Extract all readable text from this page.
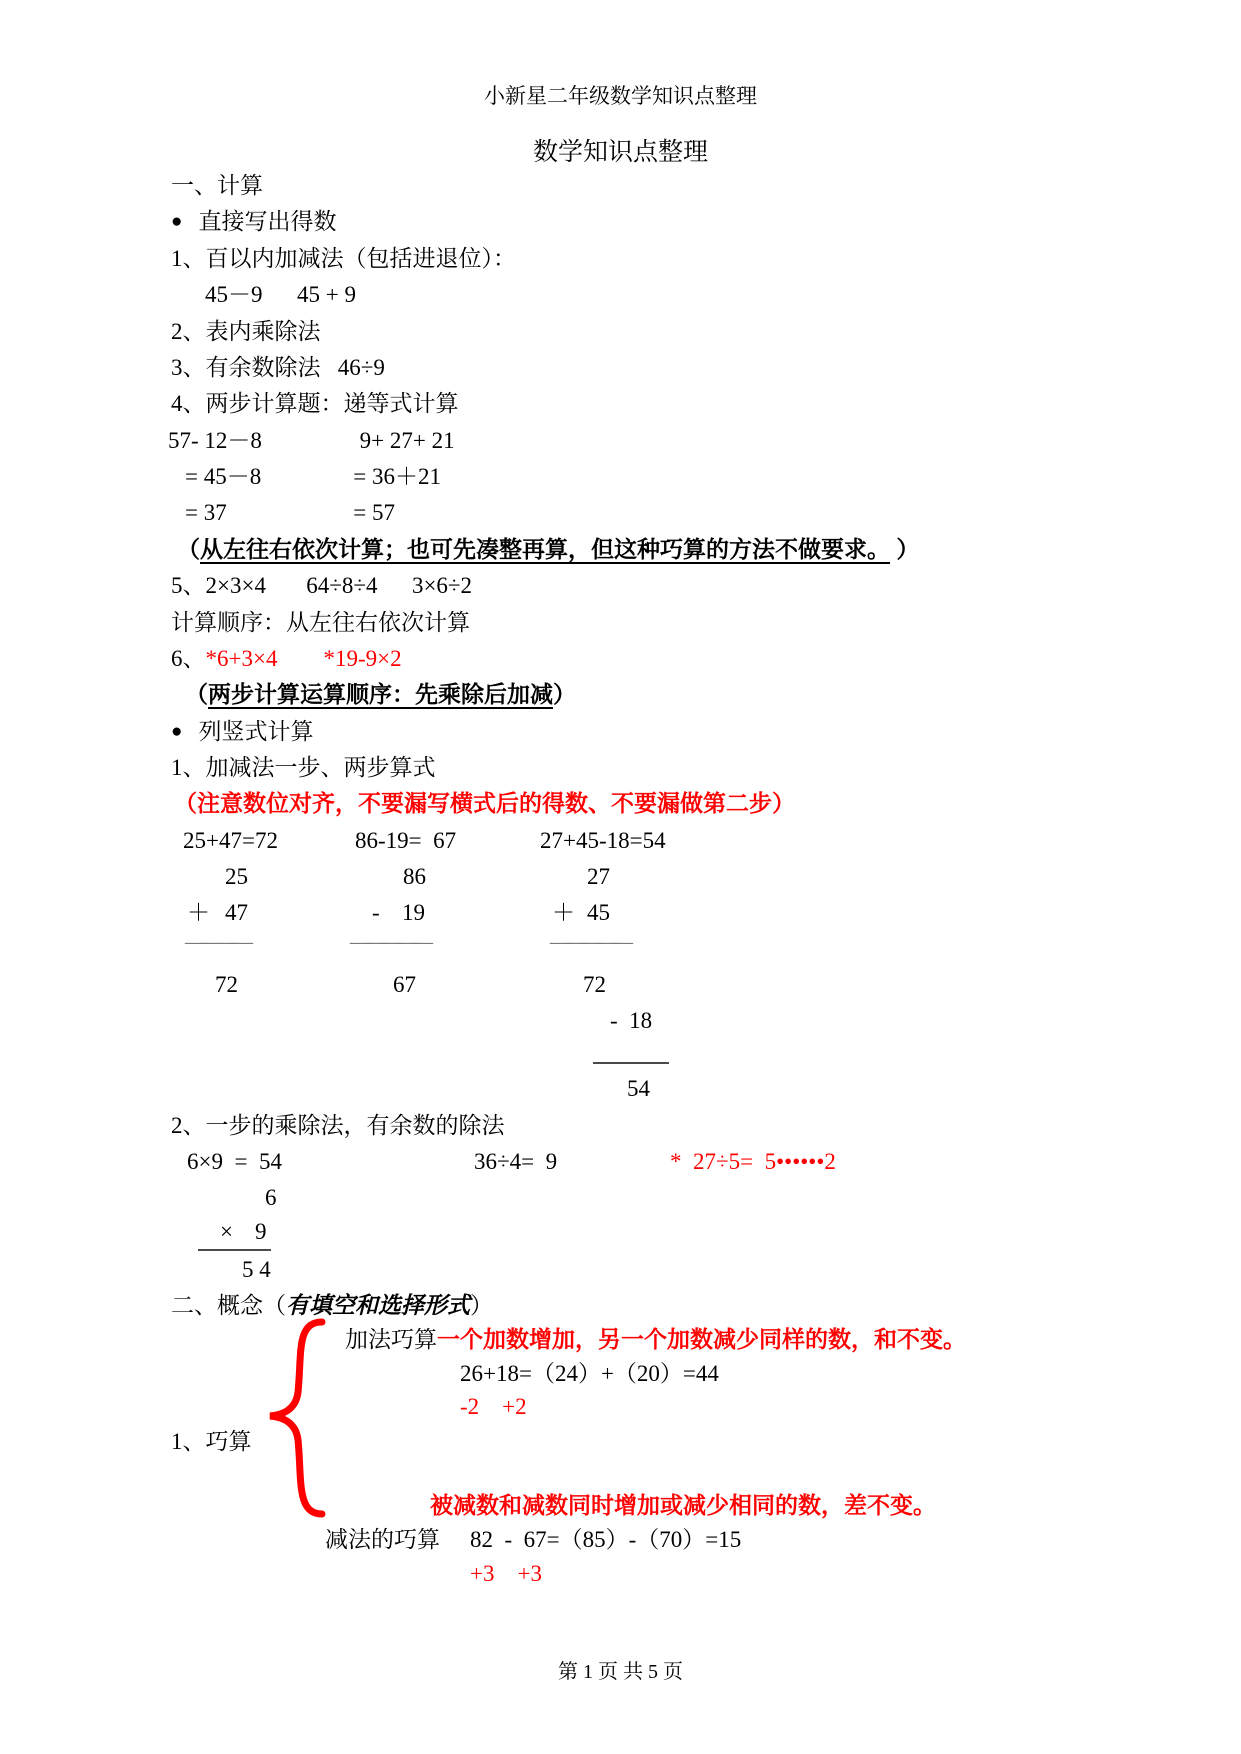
小新星二年级数学知识点整理
数学知识点整理
一、计算
● 直接写出得数
1、百以内加减法（包括进退位）：
45－9      45 + 9
2、表内乘除法
3、有余数除法   46÷9
4、两步计算题：递等式计算
57- 12－8                 9+ 27+ 21
= 45－8                = 36＋21
= 37                      = 57
（从左往右依次计算；也可先凑整再算，但这种巧算的方法不做要求。 ）
5、2×3×4       64÷8÷4      3×6÷2
计算顺序：从左往右依次计算
6、*6+3×4        *19-9×2
（两步计算运算顺序：先乘除后加减）
● 列竖式计算
1、加减法一步、两步算式
（注意数位对齐，不要漏写横式后的得数、不要漏做第二步）
25+47=72	86-19=  67	27+45-18=54
25
＋ 47
————
72
86
- 19
—————
67
27
＋ 45
—————
72
-  18
54
2、一步的乘除法，有余数的除法
6×9  =  54	36÷4=  9	*  27÷5=  5••••••2
6
× 9
5 4
二、概念（有填空和选择形式）
加法巧算一个加数增加，另一个加数减少同样的数，和不变。
26+18=（24）+（20）=44
-2    +2
1、巧算
被减数和减数同时增加或减少相同的数，差不变。
减法的巧算 82  -  67=（85）-（70）=15
+3    +3
第 1 页 共 5 页
